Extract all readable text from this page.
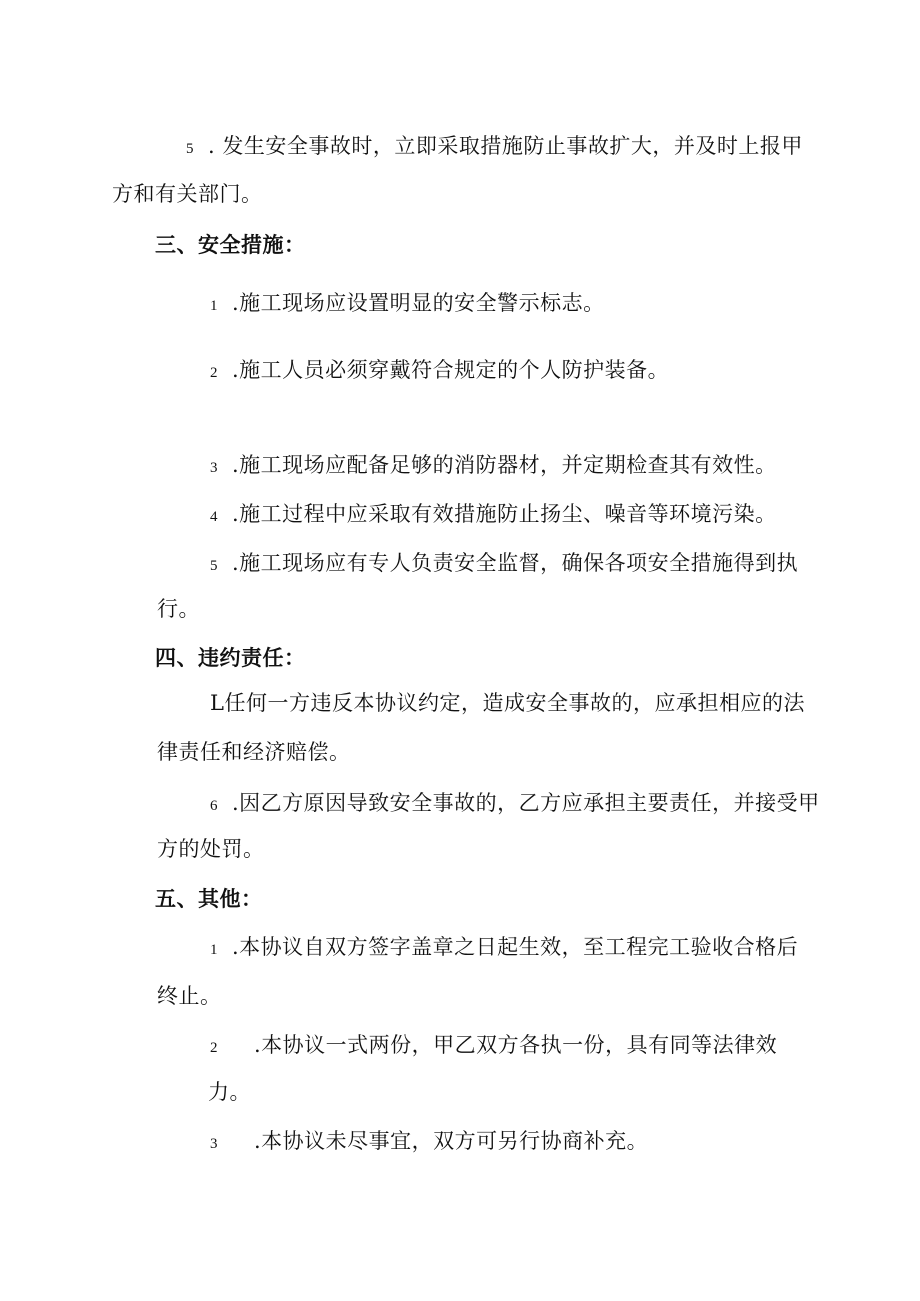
5 . 发生安全事故时，立即采取措施防止事故扩大，并及时上报甲
方和有关部门。
三、安全措施：
1 .施工现场应设置明显的安全警示标志。
2 .施工人员必须穿戴符合规定的个人防护装备。
3 .施工现场应配备足够的消防器材，并定期检查其有效性。
4 .施工过程中应采取有效措施防止扬尘、噪音等环境污染。
5 .施工现场应有专人负责安全监督，确保各项安全措施得到执
行。
四、违约责任：
L任何一方违反本协议约定，造成安全事故的，应承担相应的法
律责任和经济赔偿。
6 .因乙方原因导致安全事故的，乙方应承担主要责任，并接受甲
方的处罚。
五、其他：
1 .本协议自双方签字盖章之日起生效，至工程完工验收合格后
终止。
2 .本协议一式两份，甲乙双方各执一份，具有同等法律效
力。
3 .本协议未尽事宜，双方可另行协商补充。
